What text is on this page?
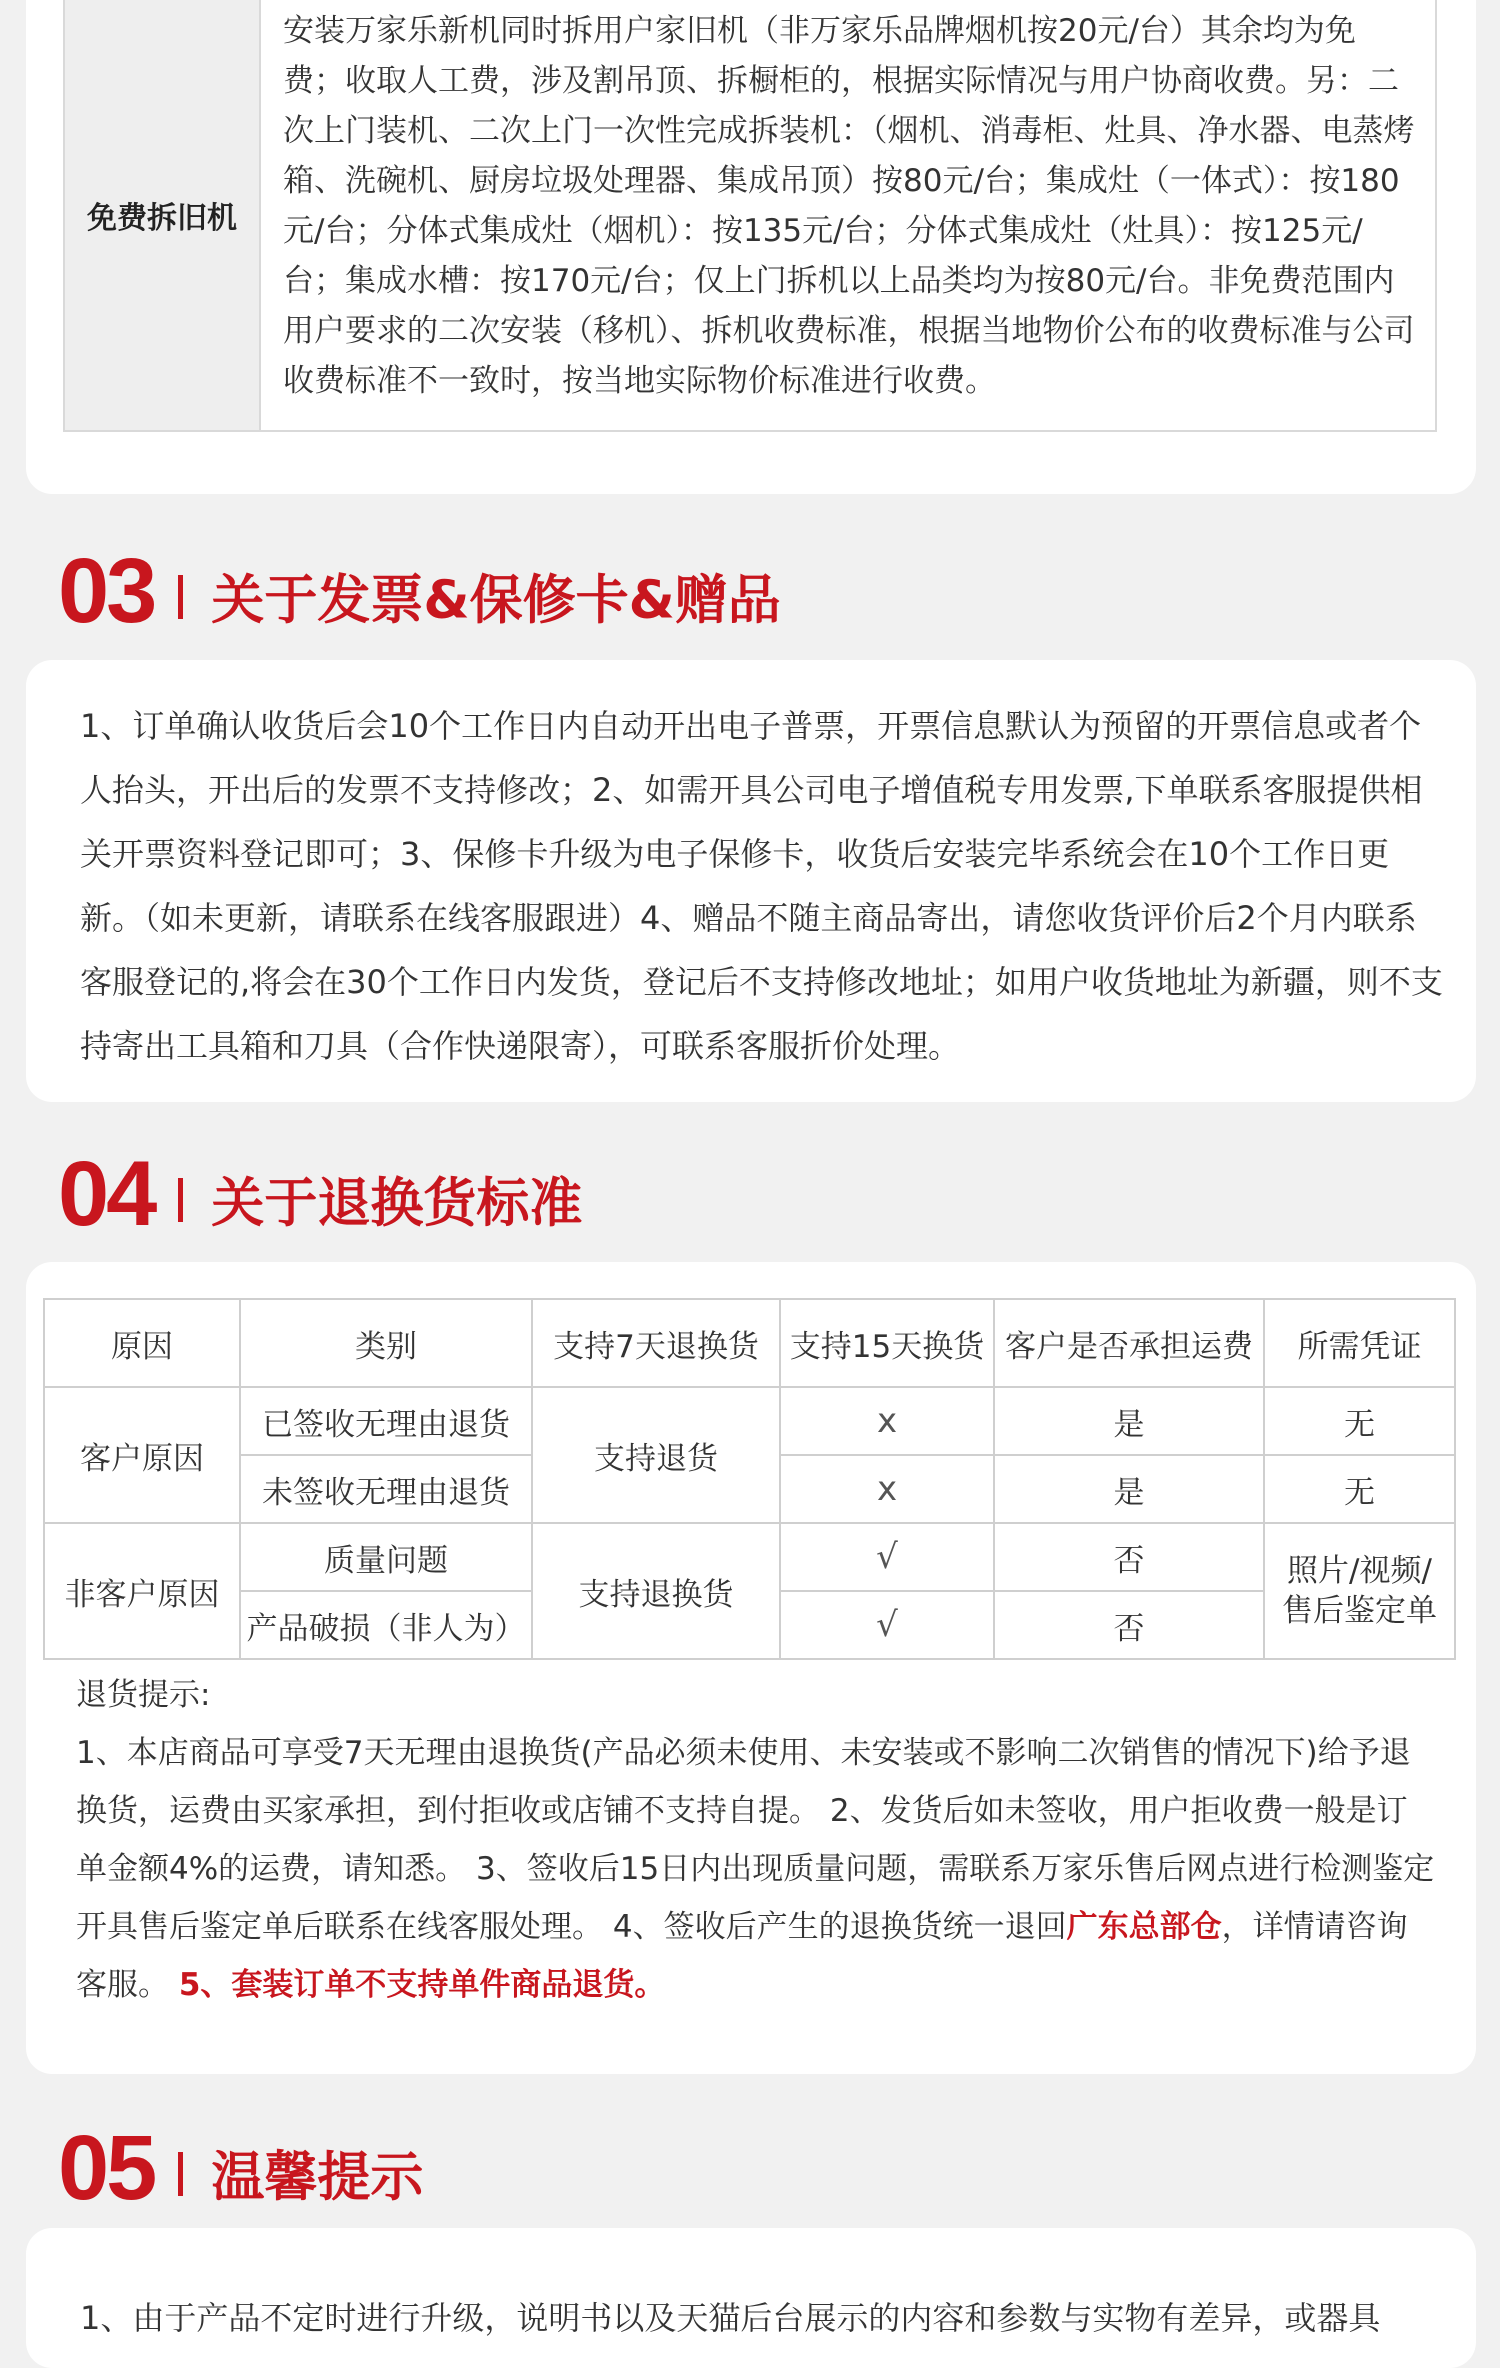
免费拆旧机
安装万家乐新机同时拆用户家旧机（非万家乐品牌烟机按20元/台）其余均为免费；收取人工费，涉及割吊顶、拆橱柜的，根据实际情况与用户协商收费。另：二次上门装机、二次上门一次性完成拆装机：（烟机、消毒柜、灶具、净水器、电蒸烤箱、洗碗机、厨房垃圾处理器、集成吊顶）按80元/台；集成灶（一体式）：按180元/台；分体式集成灶（烟机）：按135元/台；分体式集成灶（灶具）：按125元/台；集成水槽：按170元/台；仅上门拆机以上品类均为按80元/台。非免费范围内用户要求的二次安装（移机）、拆机收费标准，根据当地物价公布的收费标准与公司收费标准不一致时，按当地实际物价标准进行收费。
03 关于发票&保修卡&赠品
1、订单确认收货后会10个工作日内自动开出电子普票，开票信息默认为预留的开票信息或者个人抬头，开出后的发票不支持修改；2、如需开具公司电子增值税专用发票,下单联系客服提供相关开票资料登记即可；3、保修卡升级为电子保修卡，收货后安装完毕系统会在10个工作日更新。（如未更新，请联系在线客服跟进）4、赠品不随主商品寄出，请您收货评价后2个月内联系客服登记的,将会在30个工作日内发货，登记后不支持修改地址；如用户收货地址为新疆，则不支持寄出工具箱和刀具（合作快递限寄），可联系客服折价处理。
04 关于退换货标准
原因	类别	支持7天退换货	支持15天换货	客户是否承担运费	所需凭证
客户原因	已签收无理由退货	支持退货	x	是	无
	未签收无理由退货		x	是	无
非客户原因	质量问题	支持退换货	√	否	照片/视频/售后鉴定单
	产品破损（非人为）		√	否	
退货提示:
1、本店商品可享受7天无理由退换货(产品必须未使用、未安装或不影响二次销售的情况下)给予退换货，运费由买家承担，到付拒收或店铺不支持自提。 2、发货后如未签收，用户拒收费一般是订单金额4%的运费，请知悉。 3、签收后15日内出现质量问题，需联系万家乐售后网点进行检测鉴定开具售后鉴定单后联系在线客服处理。 4、签收后产生的退换货统一退回广东总部仓，详情请咨询客服。 5、套装订单不支持单件商品退货。
05 温馨提示
1、由于产品不定时进行升级，说明书以及天猫后台展示的内容和参数与实物有差异，或器具
